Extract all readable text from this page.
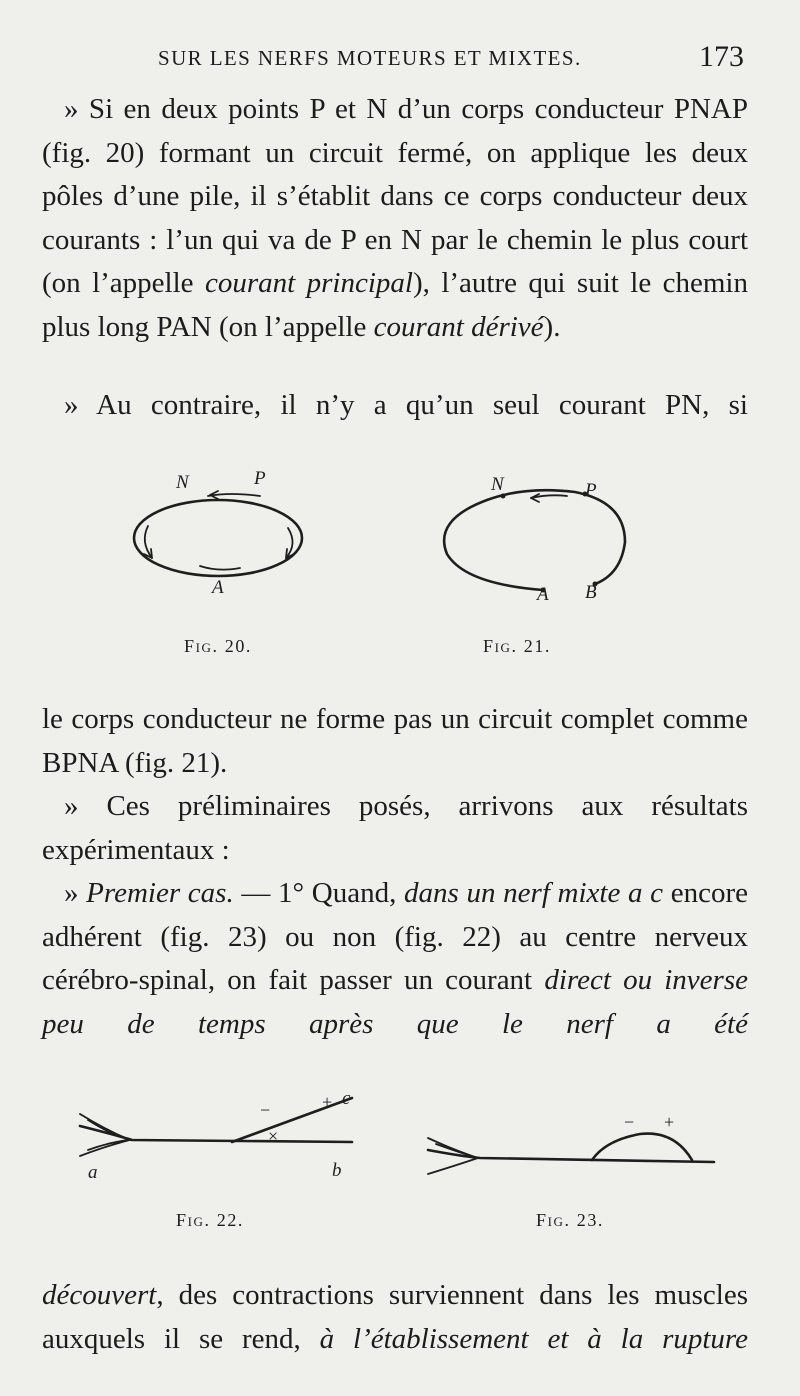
SUR LES NERFS MOTEURS ET MIXTES.	173

» Si en deux points P et N d’un corps conducteur PNAP (fig. 20) formant un circuit fermé, on applique les deux pôles d’une pile, il s’établit dans ce corps conducteur deux courants : l’un qui va de P en N par le chemin le plus court (on l’appelle courant principal), l’autre qui suit le chemin plus long PAN (on l’appelle courant dérivé).

» Au contraire, il n’y a qu’un seul courant PN, si

N	P
A
Fig. 20.
N	P
A B
Fig. 21.

le corps conducteur ne forme pas un circuit complet comme BPNA (fig. 21).

» Ces préliminaires posés, arrivons aux résultats expérimentaux :

» Premier cas. — 1° Quand, dans un nerf mixte a c encore adhérent (fig. 23) ou non (fig. 22) au centre nerveux cérébro-spinal, on fait passer un courant direct ou inverse peu de temps après que le nerf a été

a	b
c
+
−
×
Fig. 22.
− +
Fig. 23.

découvert, des contractions surviennent dans les muscles auxquels il se rend, à l’établissement et à la rupture
